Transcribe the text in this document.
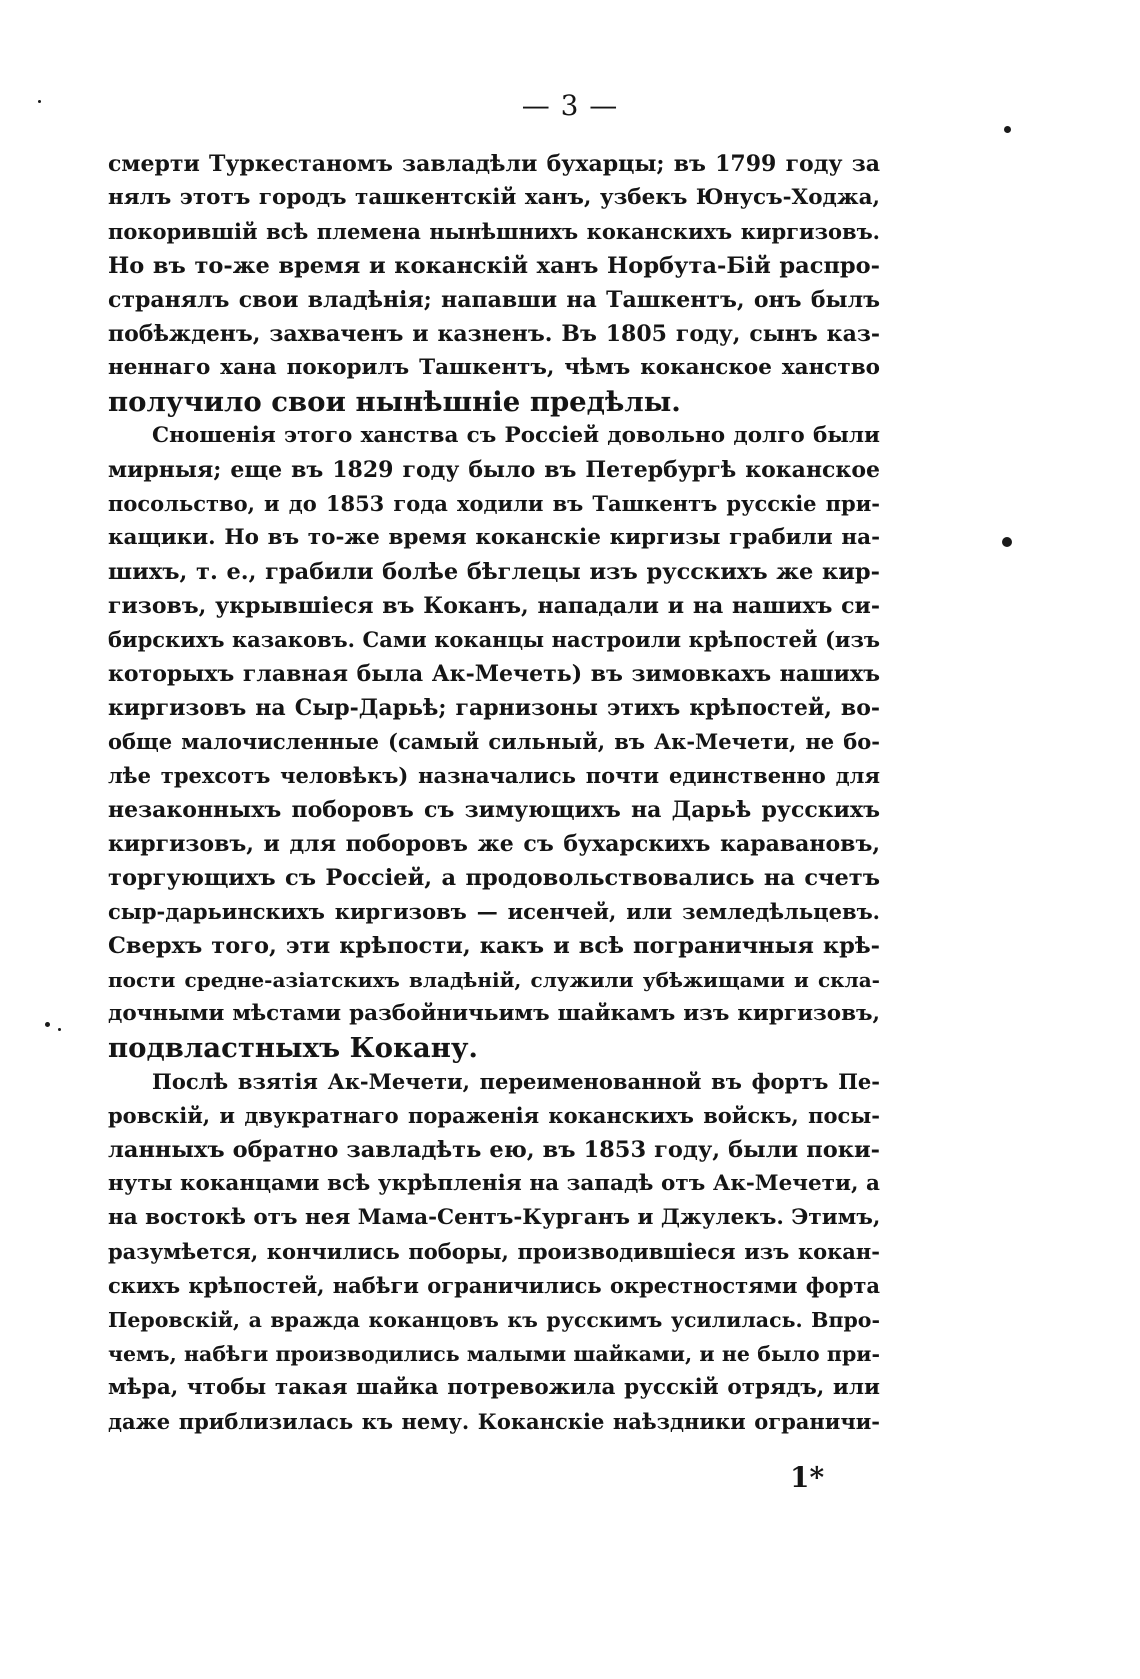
— 3 —
смерти Туркестаномъ завладѣли бухарцы; въ 1799 году за
нялъ этотъ городъ ташкентскій ханъ, узбекъ Юнусъ-Ходжа,
покорившій всѣ племена нынѣшнихъ коканскихъ киргизовъ.
Но въ то-же время и коканскій ханъ Норбута-Бій распро-
странялъ свои владѣнія; напавши на Ташкентъ, онъ былъ
побѣжденъ, захваченъ и казненъ. Въ 1805 году, сынъ каз-
неннаго хана покорилъ Ташкентъ, чѣмъ коканское ханство
получило свои нынѣшніе предѣлы.
Сношенія этого ханства съ Россіей довольно долго были
мирныя; еще въ 1829 году было въ Петербургѣ коканское
посольство, и до 1853 года ходили въ Ташкентъ русскіе при-
кащики. Но въ то-же время коканскіе киргизы грабили на-
шихъ, т. е., грабили болѣе бѣглецы изъ русскихъ же кир-
гизовъ, укрывшіеся въ Коканъ, нападали и на нашихъ си-
бирскихъ казаковъ. Сами коканцы настроили крѣпостей (изъ
которыхъ главная была Ак-Мечеть) въ зимовкахъ нашихъ
киргизовъ на Сыр-Дарьѣ; гарнизоны этихъ крѣпостей, во-
обще малочисленные (самый сильный, въ Ак-Мечети, не бо-
лѣе трехсотъ человѣкъ) назначались почти единственно для
незаконныхъ поборовъ съ зимующихъ на Дарьѣ русскихъ
киргизовъ, и для поборовъ же съ бухарскихъ каравановъ,
торгующихъ съ Россіей, а продовольствовались на счетъ
сыр-дарьинскихъ киргизовъ — исенчей, или земледѣльцевъ.
Сверхъ того, эти крѣпости, какъ и всѣ пограничныя крѣ-
пости средне-азіатскихъ владѣній, служили убѣжищами и скла-
дочными мѣстами разбойничьимъ шайкамъ изъ киргизовъ,
подвластныхъ Кокану.
Послѣ взятія Ак-Мечети, переименованной въ фортъ Пе-
ровскій, и двукратнаго пораженія коканскихъ войскъ, посы-
ланныхъ обратно завладѣть ею, въ 1853 году, были поки-
нуты коканцами всѣ укрѣпленія на западѣ отъ Ак-Мечети, а
на востокѣ отъ нея Мама-Сентъ-Курганъ и Джулекъ. Этимъ,
разумѣется, кончились поборы, производившіеся изъ кокан-
скихъ крѣпостей, набѣги ограничились окрестностями форта
Перовскій, а вражда коканцовъ къ русскимъ усилилась. Впро-
чемъ, набѣги производились малыми шайками, и не было при-
мѣра, чтобы такая шайка потревожила русскій отрядъ, или
даже приблизилась къ нему. Коканскіе наѣздники ограничи-
1*
